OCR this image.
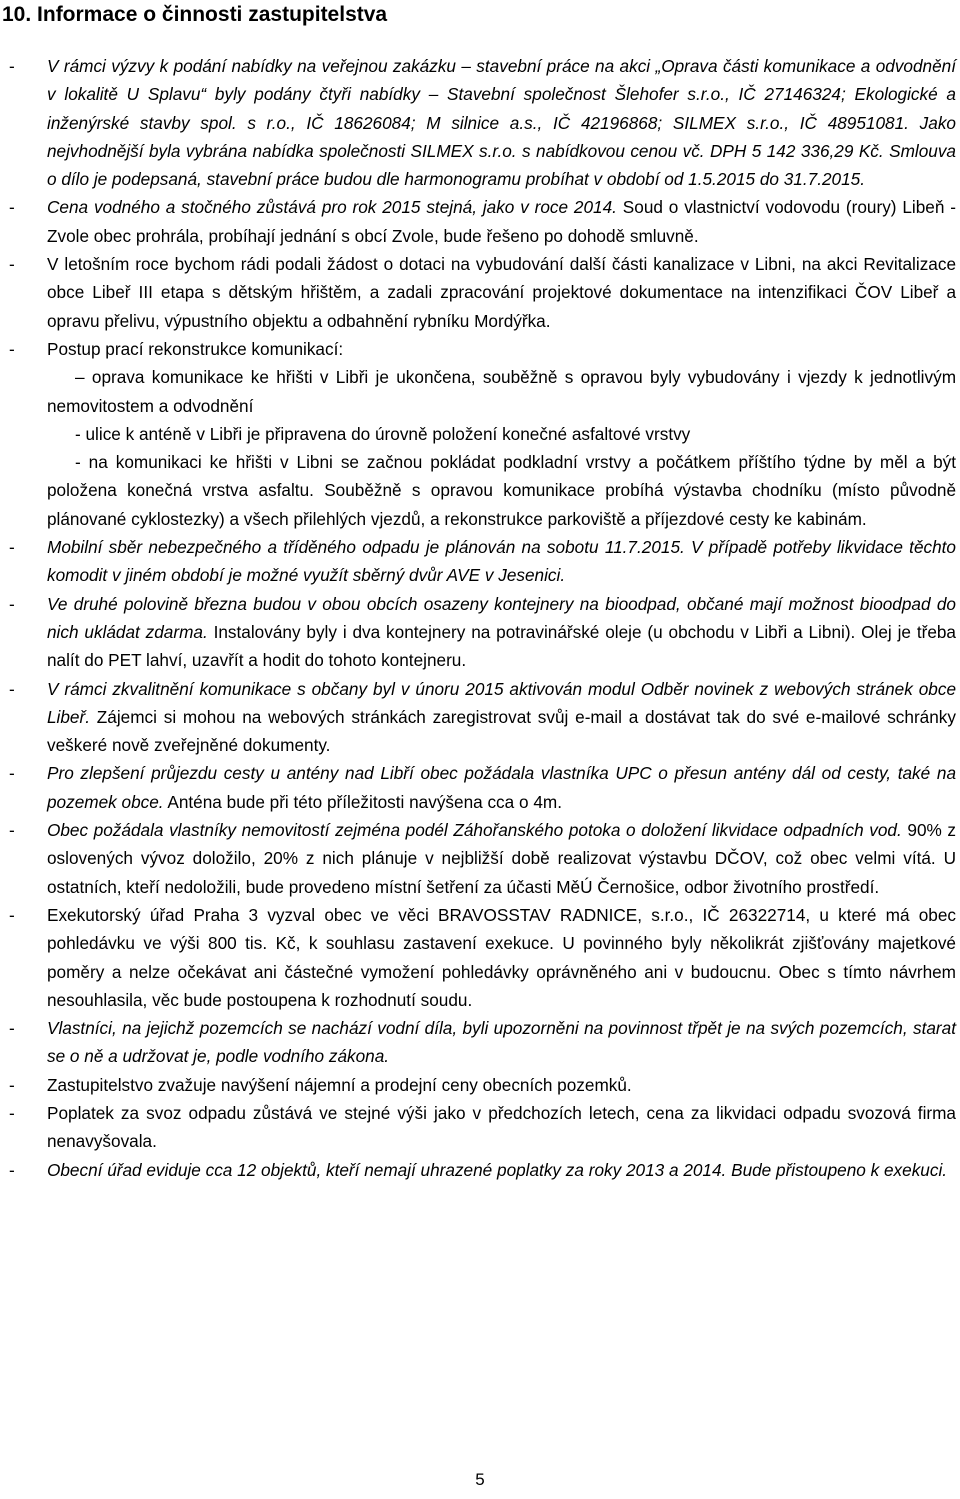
10. Informace o činnosti zastupitelstva
- V rámci výzvy k podání nabídky na veřejnou zakázku – stavební práce na akci „Oprava části komunikace a odvodnění v lokalitě U Splavu“ byly podány čtyři nabídky – Stavební společnost Šlehofer s.r.o., IČ 27146324; Ekologické a inženýrské stavby spol. s r.o., IČ 18626084; M silnice a.s., IČ 42196868; SILMEX s.r.o., IČ 48951081. Jako nejvhodnější byla vybrána nabídka společnosti SILMEX s.r.o. s nabídkovou cenou vč. DPH 5 142 336,29 Kč. Smlouva o dílo je podepsaná, stavební práce budou dle harmonogramu probíhat v období od 1.5.2015 do 31.7.2015.
- Cena vodného a stočného zůstává pro rok 2015 stejná, jako v roce 2014. Soud o vlastnictví vodovodu (roury) Libeň - Zvole obec prohrála, probíhají jednání s obcí Zvole, bude řešeno po dohodě smluvně.
- V letošním roce bychom rádi podali žádost o dotaci na vybudování další části kanalizace v Libni, na akci Revitalizace obce Libeř III etapa s dětským hřištěm, a zadali zpracování projektové dokumentace na intenzifikaci ČOV Libeř a opravu přelivu, výpustního objektu a odbahnění rybníku Mordýřka.
- Postup prací rekonstrukce komunikací:
– oprava komunikace ke hřišti v Libři je ukončena, souběžně s opravou byly vybudovány i vjezdy k jednotlivým nemovitostem a odvodnění
- ulice k anténě v Libři je připravena do úrovně položení konečné asfaltové vrstvy
- na komunikaci ke hřišti v Libni se začnou pokládat podkladní vrstvy a počátkem příštího týdne by měl a být položena konečná vrstva asfaltu. Souběžně s opravou komunikace probíhá výstavba chodníku (místo původně plánované cyklostezky) a všech přilehlých vjezdů, a rekonstrukce parkoviště a příjezdové cesty ke kabinám.
- Mobilní sběr nebezpečného a tříděného odpadu je plánován na sobotu 11.7.2015. V případě potřeby likvidace těchto komodit v jiném období je možné využít sběrný dvůr AVE v Jesenici.
- Ve druhé polovině března budou v obou obcích osazeny kontejnery na bioodpad, občané mají možnost bioodpad do nich ukládat zdarma. Instalovány byly i dva kontejnery na potravinářské oleje (u obchodu v Libři a Libni). Olej je třeba nalít do PET lahví, uzavřít a hodit do tohoto kontejneru.
- V rámci zkvalitnění komunikace s občany byl v únoru 2015 aktivován modul Odběr novinek z webových stránek obce Libeř. Zájemci si mohou na webových stránkách zaregistrovat svůj e-mail a dostávat tak do své e-mailové schránky veškeré nově zveřejněné dokumenty.
- Pro zlepšení průjezdu cesty u antény nad Libří obec požádala vlastníka UPC o přesun antény dál od cesty, také na pozemek obce. Anténa bude při této příležitosti navýšena cca o 4m.
- Obec požádala vlastníky nemovitostí zejména podél Záhořanského potoka o doložení likvidace odpadních vod. 90% z oslovených vývoz doložilo, 20% z nich plánuje v nejbližší době realizovat výstavbu DČOV, což obec velmi vítá. U ostatních, kteří nedoložili, bude provedeno místní šetření za účasti MěÚ Černošice, odbor životního prostředí.
- Exekutorský úřad Praha 3 vyzval obec ve věci BRAVOSSTAV RADNICE, s.r.o., IČ 26322714, u které má obec pohledávku ve výši 800 tis. Kč, k souhlasu zastavení exekuce. U povinného byly několikrát zjišťovány majetkové poměry a nelze očekávat ani částečné vymožení pohledávky oprávněného ani v budoucnu. Obec s tímto návrhem nesouhlasila, věc bude postoupena k rozhodnutí soudu.
- Vlastníci, na jejichž pozemcích se nachází vodní díla, byli upozorněni na povinnost třpět je na svých pozemcích, starat se o ně a udržovat je, podle vodního zákona.
- Zastupitelstvo zvažuje navýšení nájemní a prodejní ceny obecních pozemků.
- Poplatek za svoz odpadu zůstává ve stejné výši jako v předchozích letech, cena za likvidaci odpadu svozová firma nenavyšovala.
- Obecní úřad eviduje cca 12 objektů, kteří nemají uhrazené poplatky za roky 2013 a 2014. Bude přistoupeno k exekuci.
5
